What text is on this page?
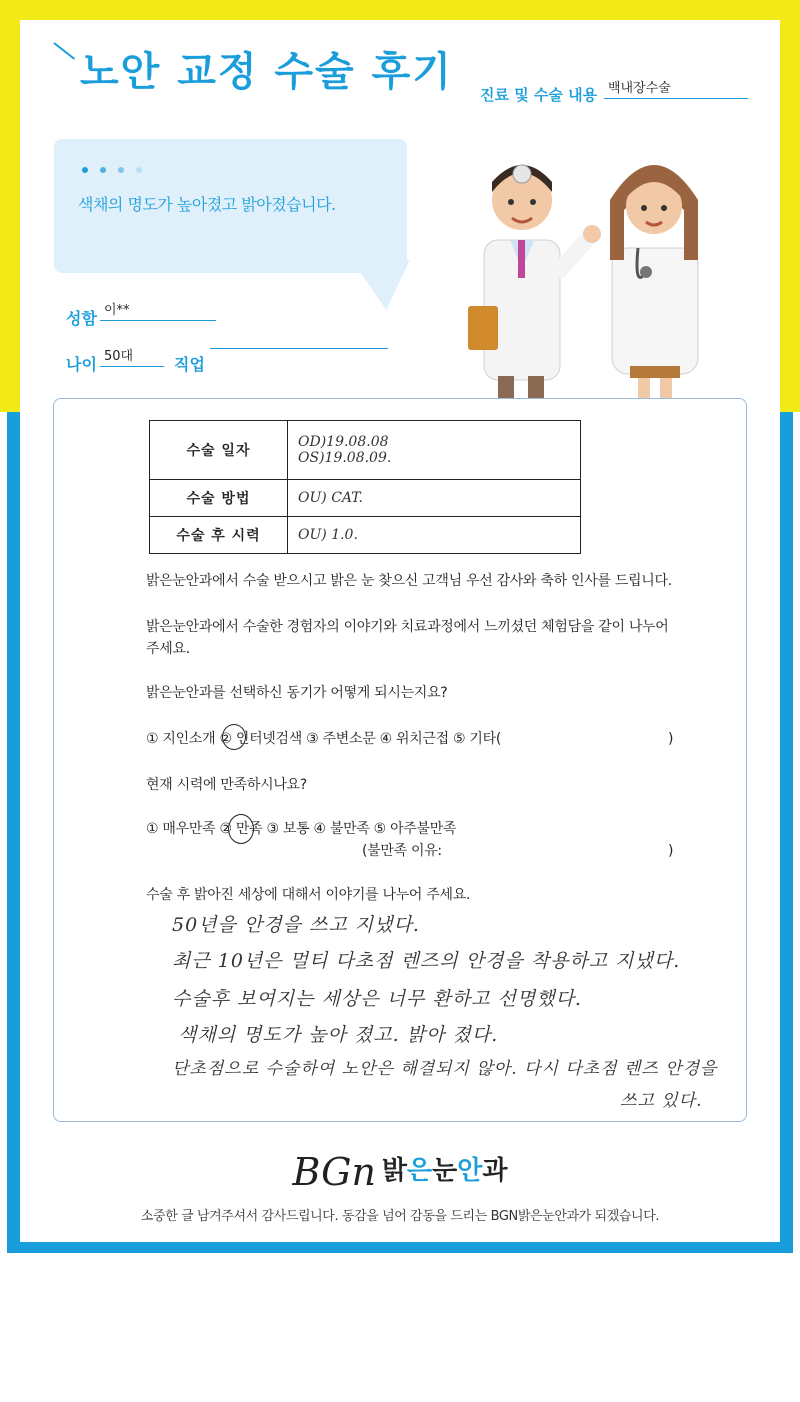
노안 교정 수술 후기 진료 및 수술 내용 백내장수술
색채의 명도가 높아졌고 밝아졌습니다.
성함 이**
나이 50대	직업
수술 일자	OD)19.08.08
OS)19.08.09.

수술 방법	OU) CAT.
수술 후 시력	OU) 1.0.
밝은눈안과에서 수술 받으시고 밝은 눈 찾으신 고객님 우선 감사와 축하 인사를 드립니다.
밝은눈안과에서 수술한 경험자의 이야기와 치료과정에서 느끼셨던 체험담을 같이 나누어주세요.
밝은눈안과를 선택하신 동기가 어떻게 되시는지요?
① 지인소개 ② 인터넷검색 ③ 주변소문 ④ 위치근접 ⑤ 기타(	)
현재 시력에 만족하시나요?
① 매우만족 ② 만족 ③ 보통 ④ 불만족 ⑤ 아주불만족
(불만족 이유:	)
수술 후 밝아진 세상에 대해서 이야기를 나누어 주세요.
50년을 안경을 쓰고 지냈다.
최근 10년은 멀티 다초점 렌즈의 안경을 착용하고 지냈다.
수술후 보여지는 세상은 너무 환하고 선명했다.
색채의 명도가 높아 졌고. 밝아 졌다.
단초점으로 수술하여 노안은 해결되지 않아. 다시 다초점 렌즈 안경을
쓰고 있다.
BGn 밝은눈안과
소중한 글 남겨주셔서 감사드립니다. 동감을 넘어 감동을 드리는 BGN밝은눈안과가 되겠습니다.
